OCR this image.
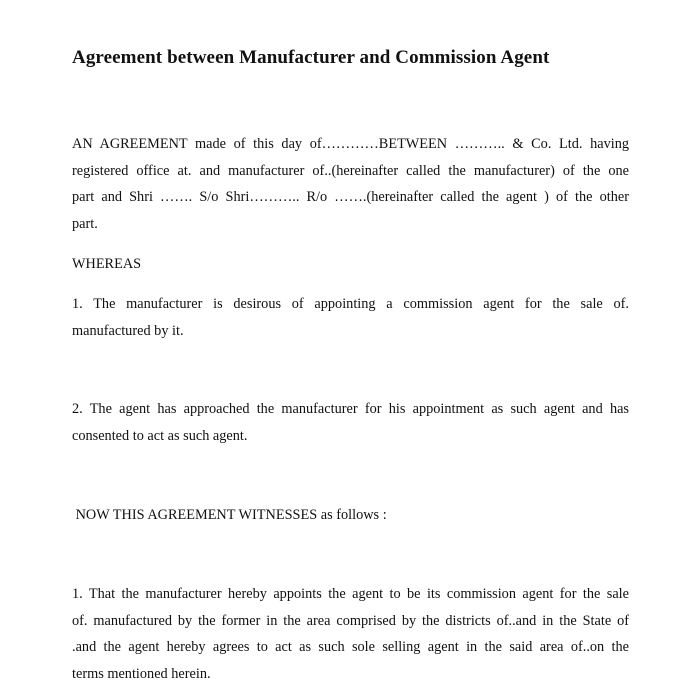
Agreement between Manufacturer and Commission Agent
AN AGREEMENT made of this day of…………BETWEEN ……….. & Co. Ltd. having
registered office at. and manufacturer of..(hereinafter called the manufacturer) of the one
part and Shri ……. S/o Shri……….. R/o …….(hereinafter called the agent ) of the other
part.

WHEREAS

1. The manufacturer is desirous of appointing a commission agent for the sale of.
manufactured by it.
2. The agent has approached the manufacturer for his appointment as such agent and has
consented to act as such agent.

NOW THIS AGREEMENT WITNESSES as follows :

1. That the manufacturer hereby appoints the agent to be its commission agent for the sale
of. manufactured by the former in the area comprised by the districts of..and in the State of
.and the agent hereby agrees to act as such sole selling agent in the said area of..on the
terms mentioned herein.
